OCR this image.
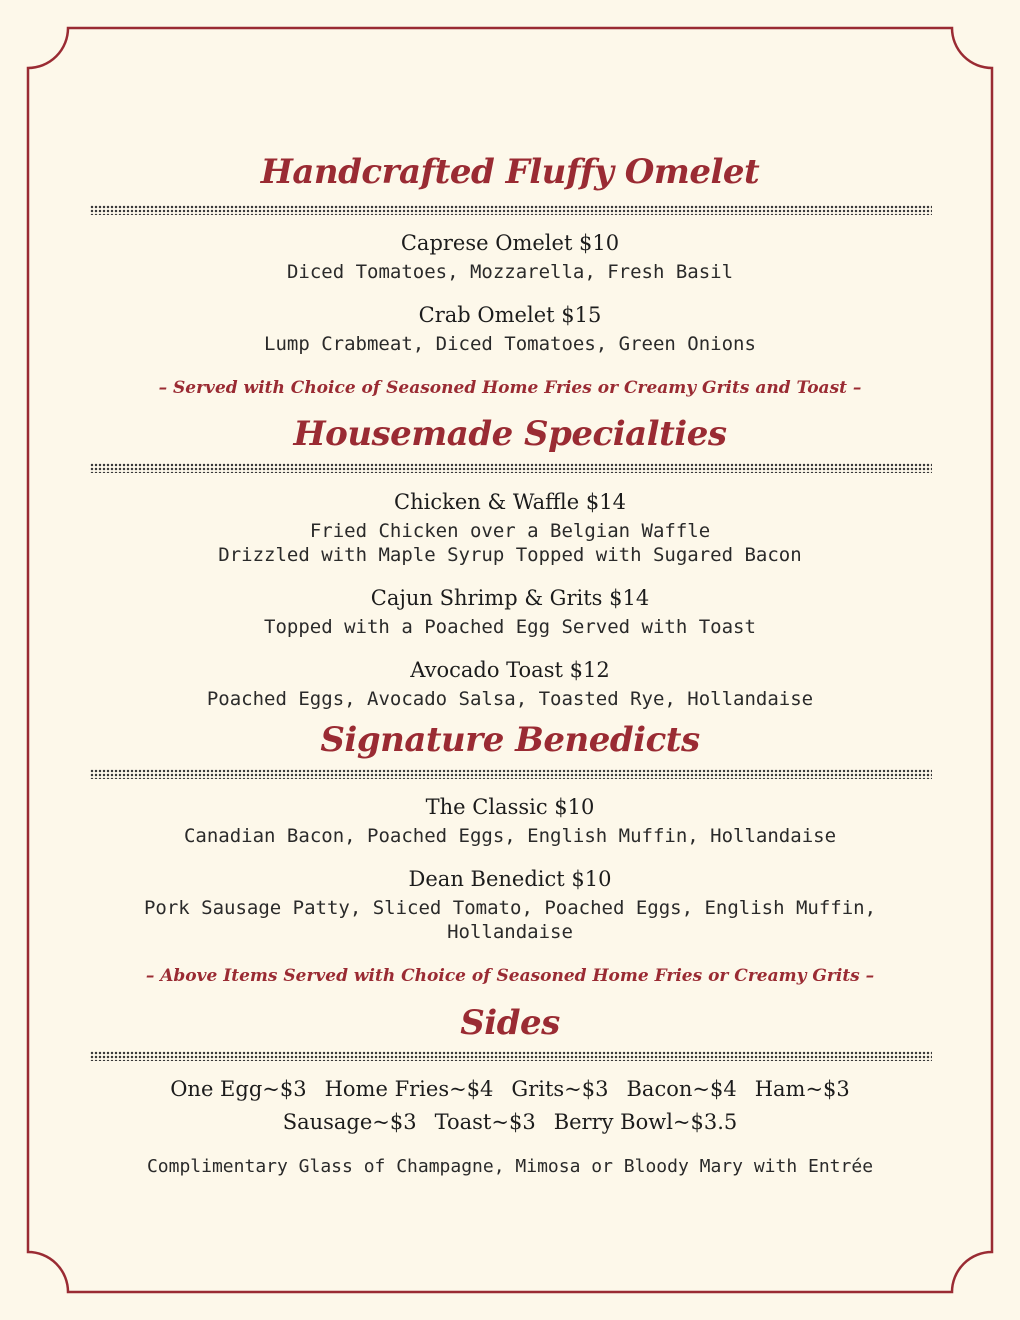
Handcrafted Fluffy Omelet
Caprese Omelet $10
Diced Tomatoes, Mozzarella, Fresh Basil
Crab Omelet $15
Lump Crabmeat, Diced Tomatoes, Green Onions
– Served with Choice of Seasoned Home Fries or Creamy Grits and Toast –
Housemade Specialties
Chicken & Waffle $14
Fried Chicken over a Belgian Waffle
Drizzled with Maple Syrup Topped with Sugared Bacon
Cajun Shrimp & Grits $14
Topped with a Poached Egg Served with Toast
Avocado Toast $12
Poached Eggs, Avocado Salsa, Toasted Rye, Hollandaise
Signature Benedicts
The Classic $10
Canadian Bacon, Poached Eggs, English Muffin, Hollandaise
Dean Benedict $10
Pork Sausage Patty, Sliced Tomato, Poached Eggs, English Muffin,
Hollandaise
– Above Items Served with Choice of Seasoned Home Fries or Creamy Grits –
Sides
One Egg~$3 Home Fries~$4 Grits~$3 Bacon~$4 Ham~$3
Sausage~$3 Toast~$3 Berry Bowl~$3.5
Complimentary Glass of Champagne, Mimosa or Bloody Mary with Entrée
